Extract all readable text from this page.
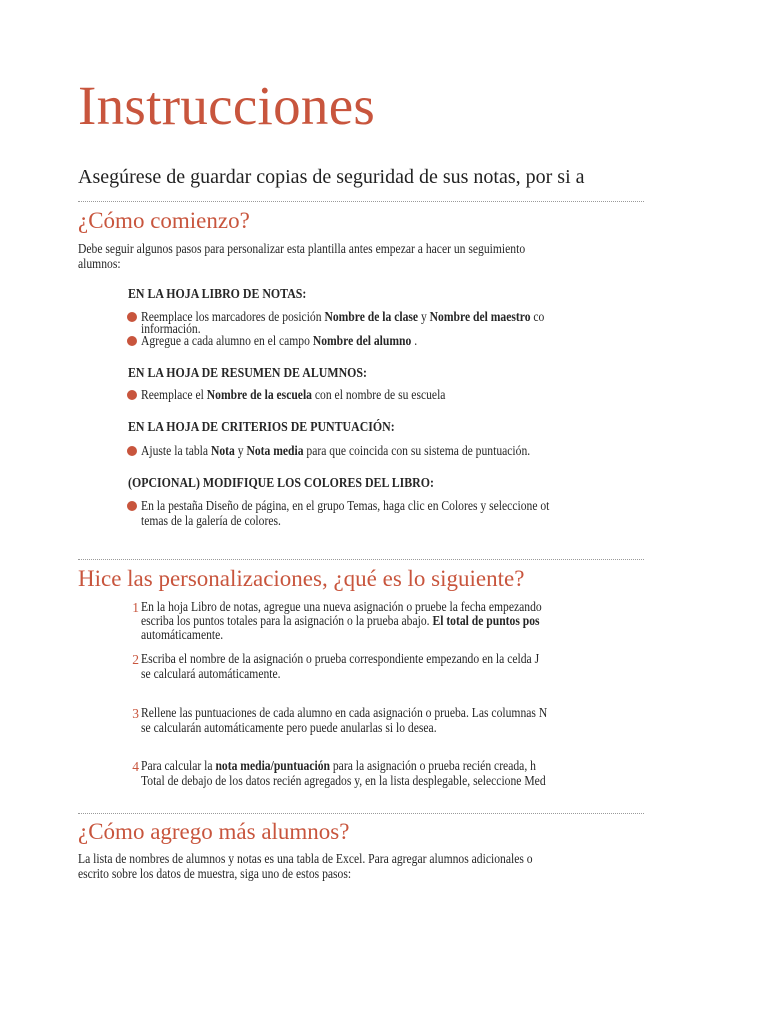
Instrucciones
Asegúrese de guardar copias de seguridad de sus notas, por si a
¿Cómo comienzo?
Debe seguir algunos pasos para personalizar esta plantilla antes empezar a hacer un seguimiento
alumnos:
EN LA HOJA LIBRO DE NOTAS:
Reemplace los marcadores de posición Nombre de la clase y Nombre del maestro co
información.
Agregue a cada alumno en el campo Nombre del alumno .
EN LA HOJA DE RESUMEN DE ALUMNOS:
Reemplace el Nombre de la escuela con el nombre de su escuela
EN LA HOJA DE CRITERIOS DE PUNTUACIÓN:
Ajuste la tabla Nota y Nota media para que coincida con su sistema de puntuación.
(OPCIONAL) MODIFIQUE LOS COLORES DEL LIBRO:
En la pestaña Diseño de página, en el grupo Temas, haga clic en Colores y seleccione ot
temas de la galería de colores.
Hice las personalizaciones, ¿qué es lo siguiente?
1 En la hoja Libro de notas, agregue una nueva asignación o pruebe la fecha empezando
escriba los puntos totales para la asignación o la prueba abajo. El total de puntos pos
automáticamente.
2 Escriba el nombre de la asignación o prueba correspondiente empezando en la celda J
se calculará automáticamente.
3 Rellene las puntuaciones de cada alumno en cada asignación o prueba. Las columnas N
se calcularán automáticamente pero puede anularlas si lo desea.
4 Para calcular la nota media/puntuación para la asignación o prueba recién creada, h
Total de debajo de los datos recién agregados y, en la lista desplegable, seleccione Med
¿Cómo agrego más alumnos?
La lista de nombres de alumnos y notas es una tabla de Excel. Para agregar alumnos adicionales o
escrito sobre los datos de muestra, siga uno de estos pasos:
